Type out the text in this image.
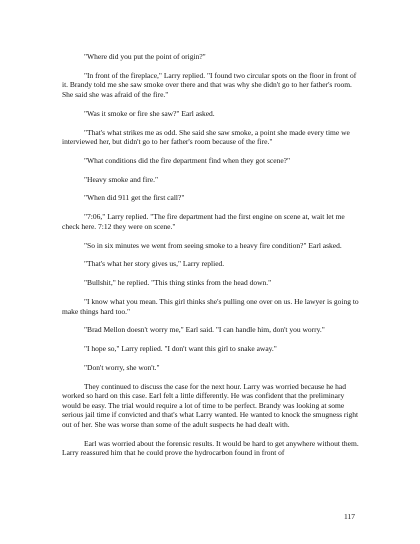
"Where did you put the point of origin?"

"In front of the fireplace," Larry replied. "I found two circular spots on the floor in front of it. Brandy told me she saw smoke over there and that was why she didn't go to her father's room. She said she was afraid of the fire."

"Was it smoke or fire she saw?" Earl asked.

"That's what strikes me as odd. She said she saw smoke, a point she made every time we interviewed her, but didn't go to her father's room because of the fire."

"What conditions did the fire department find when they got scene?"

"Heavy smoke and fire."

"When did 911 get the first call?"

"7:06," Larry replied. "The fire department had the first engine on scene at, wait let me check here. 7:12 they were on scene."

"So in six minutes we went from seeing smoke to a heavy fire condition?" Earl asked.

"That's what her story gives us," Larry replied.

"Bullshit," he replied. "This thing stinks from the head down."

"I know what you mean. This girl thinks she's pulling one over on us. He lawyer is going to make things hard too."

"Brad Mellon doesn't worry me," Earl said. "I can handle him, don't you worry."

"I hope so," Larry replied. "I don't want this girl to snake away."

"Don't worry, she won't."

They continued to discuss the case for the next hour. Larry was worried because he had worked so hard on this case. Earl felt a little differently. He was confident that the preliminary would be easy. The trial would require a lot of time to be perfect. Brandy was looking at some serious jail time if convicted and that's what Larry wanted. He wanted to knock the smugness right out of her. She was worse than some of the adult suspects he had dealt with.

Earl was worried about the forensic results. It would be hard to get anywhere without them. Larry reassured him that he could prove the hydrocarbon found in front of

117
